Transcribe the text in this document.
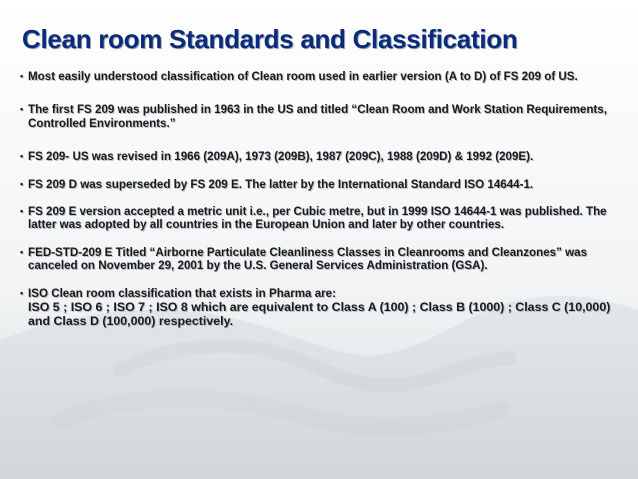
Clean room Standards and Classification
• Most easily understood classification of Clean room used in earlier version (A to D) of FS 209 of US.
• The first FS 209 was published in 1963 in the US and titled “Clean Room and Work Station Requirements, Controlled Environments.”
• FS 209- US was revised in 1966 (209A), 1973 (209B), 1987 (209C), 1988 (209D) & 1992 (209E).
• FS 209 D was superseded by FS 209 E. The latter by the International Standard ISO 14644-1.
• FS 209 E version accepted a metric unit i.e., per Cubic metre, but in 1999 ISO 14644-1 was published. The latter was adopted by all countries in the European Union and later by other countries.
• FED-STD-209 E Titled “Airborne Particulate Cleanliness Classes in Cleanrooms and Cleanzones” was canceled on November 29, 2001 by the U.S. General Services Administration (GSA).
• ISO Clean room classification that exists in Pharma are:
ISO 5 ; ISO 6 ; ISO 7 ; ISO 8 which are equivalent to Class A (100) ; Class B (1000) ; Class C (10,000) and Class D (100,000) respectively.
